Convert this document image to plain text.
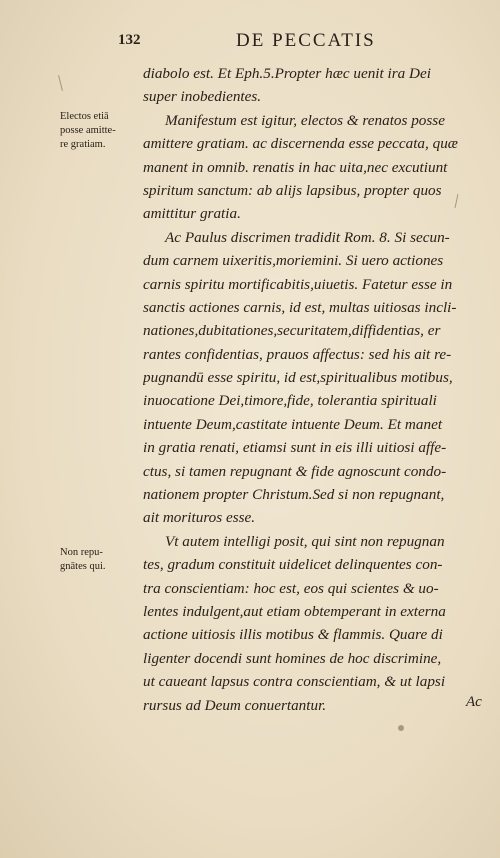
132	DE PECCATIS
Electos etiā
posse amitte-
re gratiam.
Non repu-
gnātes qui.
diabolo est. Et Eph.5.Propter hæc uenit ira Dei
super inobedientes.
Manifestum est igitur, electos & renatos posse
amittere gratiam. ac discernenda esse peccata, quæ
manent in omnib. renatis in hac uita,nec excutiunt
spiritum sanctum: ab alijs lapsibus, propter quos
amittitur gratia.
Ac Paulus discrimen tradidit Rom. 8. Si secun-
dum carnem uixeritis,moriemini. Si uero actiones
carnis spiritu mortificabitis,uiuetis. Fatetur esse in
sanctis actiones carnis, id est, multas uitiosas incli-
nationes,dubitationes,securitatem,diffidentias, er
rantes confidentias, prauos affectus: sed his ait re-
pugnandū esse spiritu, id est,spiritualibus motibus,
inuocatione Dei,timore,fide, tolerantia spirituali
intuente Deum,castitate intuente Deum. Et manet
in gratia renati, etiamsi sunt in eis illi uitiosi affe-
ctus, si tamen repugnant & fide agnoscunt condo-
nationem propter Christum.Sed si non repugnant,
ait morituros esse.
Vt autem intelligi posit, qui sint non repugnan
tes, gradum constituit uidelicet delinquentes con-
tra conscientiam: hoc est, eos qui scientes & uo-
lentes indulgent,aut etiam obtemperant in externa
actione uitiosis illis motibus & flammis. Quare di
ligenter docendi sunt homines de hoc discrimine,
ut caueant lapsus contra conscientiam, & ut lapsi
rursus ad Deum conuertantur.	Ac
